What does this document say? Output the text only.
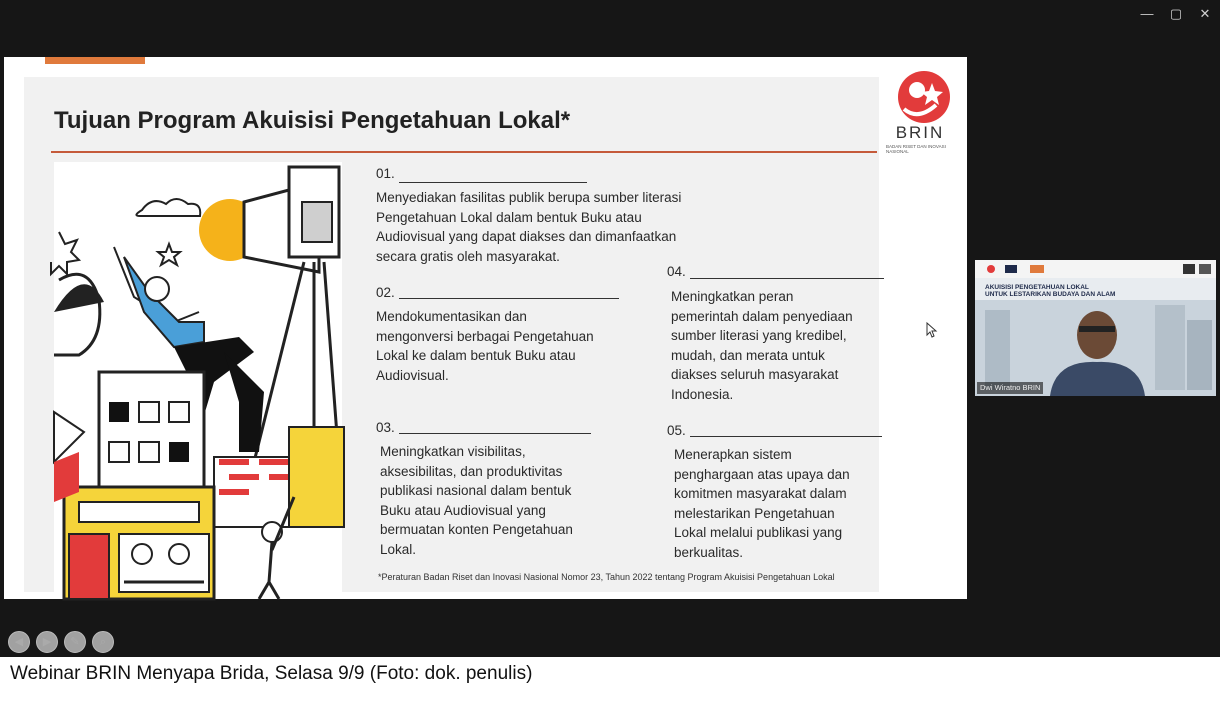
— ▢	✕
Tujuan Program Akuisisi Pengetahuan Lokal*	BRIN
BADAN RISET DAN INOVASI NASIONAL
01.
Menyediakan fasilitas publik berupa sumber literasi
Pengetahuan Lokal dalam bentuk Buku atau
Audiovisual yang dapat diakses dan dimanfaatkan
secara gratis oleh masyarakat.
02.
Mendokumentasikan dan
mengonversi berbagai Pengetahuan
Lokal ke dalam bentuk Buku atau
Audiovisual.
03.
Meningkatkan visibilitas,
aksesibilitas, dan produktivitas
publikasi nasional dalam bentuk
Buku atau Audiovisual yang
bermuatan konten Pengetahuan
Lokal.
04.
Meningkatkan peran
pemerintah dalam penyediaan
sumber literasi yang kredibel,
mudah, dan merata untuk
diakses seluruh masyarakat
Indonesia.
05.
Menerapkan sistem
penghargaan atas upaya dan
komitmen masyarakat dalam
melestarikan Pengetahuan
Lokal melalui publikasi yang
berkualitas.
*Peraturan Badan Riset dan Inovasi Nasional Nomor 23, Tahun 2022 tentang Program Akuisisi Pengetahuan Lokal
◀	▶	✎	⌕
AKUISISI PENGETAHUAN LOKAL
UNTUK LESTARIKAN BUDAYA DAN ALAM
Dwi Wiratno BRIN
Webinar BRIN Menyapa Brida, Selasa 9/9 (Foto: dok. penulis)
